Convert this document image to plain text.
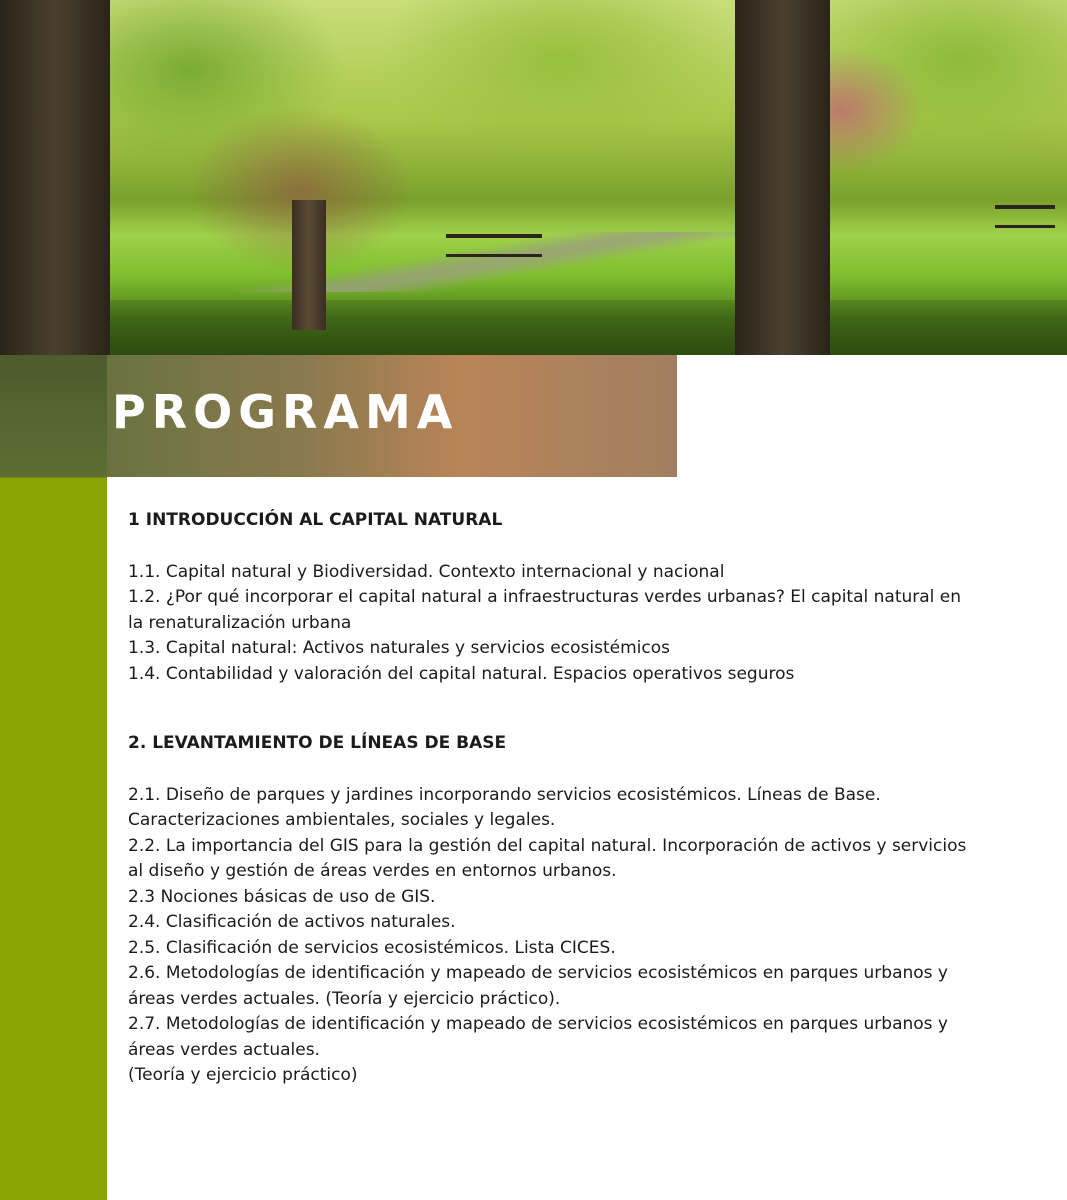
PROGRAMA

1 INTRODUCCIÓN AL CAPITAL NATURAL

1.1. Capital natural y Biodiversidad. Contexto internacional y nacional

1.2. ¿Por qué incorporar el capital natural a infraestructuras verdes urbanas? El capital natural en la renaturalización urbana

1.3. Capital natural: Activos naturales y servicios ecosistémicos

1.4. Contabilidad y valoración del capital natural. Espacios operativos seguros

2. LEVANTAMIENTO DE LÍNEAS DE BASE

2.1. Diseño de parques y jardines incorporando servicios ecosistémicos. Líneas de Base. Caracterizaciones ambientales, sociales y legales.

2.2. La importancia del GIS para la gestión del capital natural. Incorporación de activos y servicios al diseño y gestión de áreas verdes en entornos urbanos.

2.3 Nociones básicas de uso de GIS.

2.4. Clasificación de activos naturales.

2.5. Clasificación de servicios ecosistémicos. Lista CICES.

2.6. Metodologías de identificación y mapeado de servicios ecosistémicos en parques urbanos y áreas verdes actuales. (Teoría y ejercicio práctico).

2.7. Metodologías de identificación y mapeado de servicios ecosistémicos en parques urbanos y áreas verdes actuales.

(Teoría y ejercicio práctico)
